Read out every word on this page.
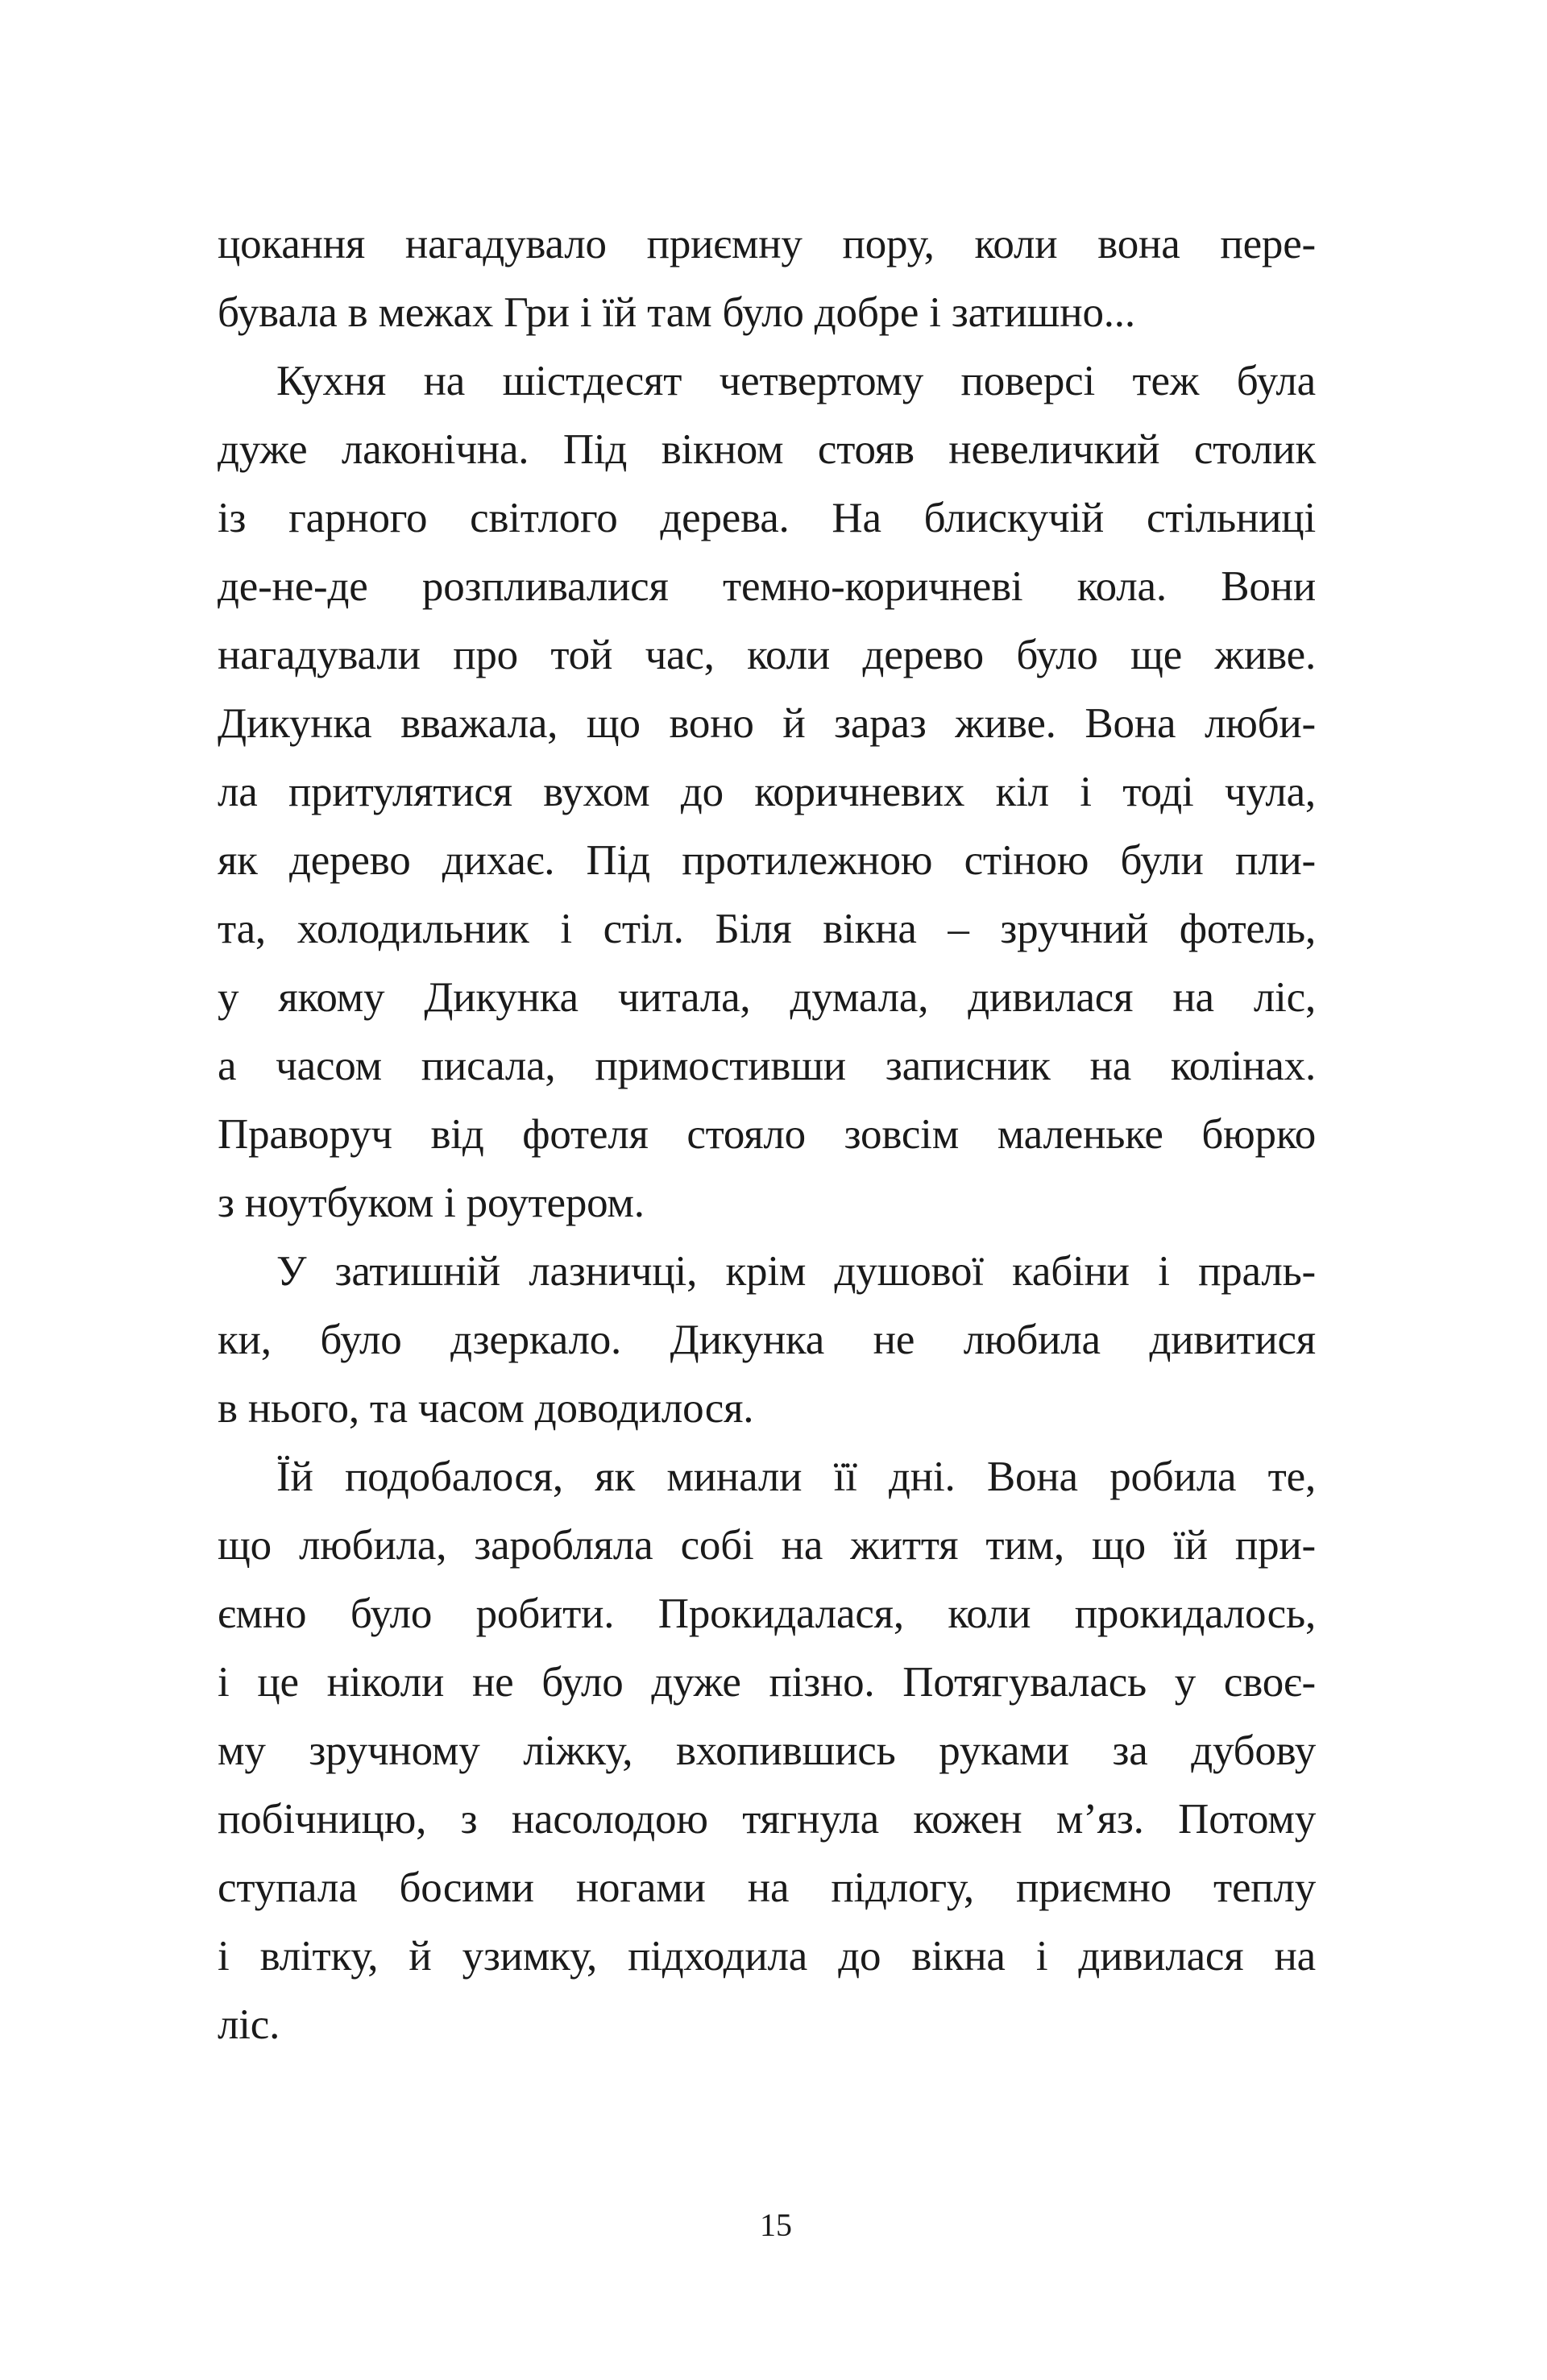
цокання нагадувало приємну пору, коли вона пере-
бувала в межах Гри і їй там було добре і затишно...
Кухня на шістдесят четвертому поверсі теж була
дуже лаконічна. Під вікном стояв невеличкий столик
із гарного світлого дерева. На блискучій стільниці
де-не-де розпливалися темно-коричневі кола. Вони
нагадували про той час, коли дерево було ще живе.
Дикунка вважала, що воно й зараз живе. Вона люби-
ла притулятися вухом до коричневих кіл і тоді чула,
як дерево дихає. Під протилежною стіною були пли-
та, холодильник і стіл. Біля вікна – зручний фотель,
у якому Дикунка читала, думала, дивилася на ліс,
а часом писала, примостивши записник на колінах.
Праворуч від фотеля стояло зовсім маленьке бюрко
з ноутбуком і роутером.
У затишній лазничці, крім душової кабіни і праль-
ки, було дзеркало. Дикунка не любила дивитися
в нього, та часом доводилося.
Їй подобалося, як минали її дні. Вона робила те,
що любила, заробляла собі на життя тим, що їй при-
ємно було робити. Прокидалася, коли прокидалось,
і це ніколи не було дуже пізно. Потягувалась у своє-
му зручному ліжку, вхопившись руками за дубову
побічницю, з насолодою тягнула кожен м’яз. Потому
ступала босими ногами на підлогу, приємно теплу
і влітку, й узимку, підходила до вікна і дивилася на
ліс.
15
